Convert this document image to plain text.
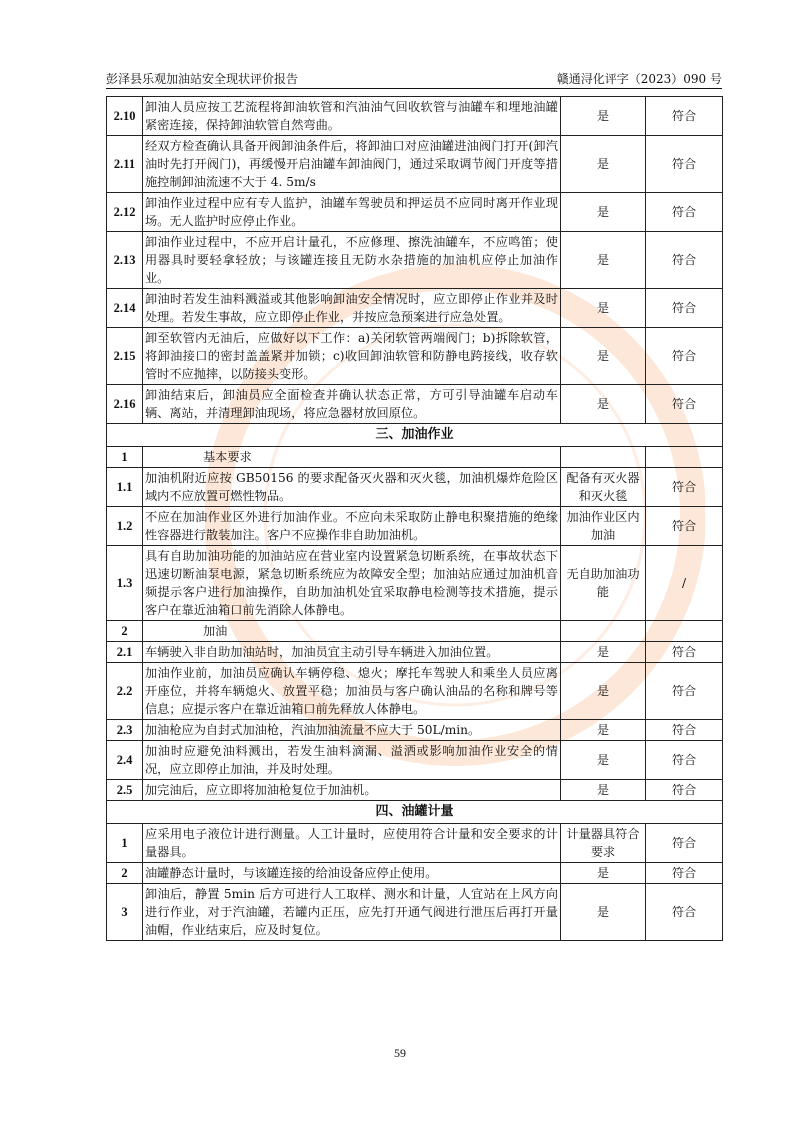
彭泽县乐观加油站安全现状评价报告	赣通浔化评字（2023）090 号
2.10	卸油人员应按工艺流程将卸油软管和汽油油气回收软管与油罐车和埋地油罐紧密连接，保持卸油软管自然弯曲。	是	符合
2.11	经双方检查确认具备开阀卸油条件后，将卸油口对应油罐进油阀门打开(卸汽油时先打开阀门)，再缓慢开启油罐车卸油阀门，通过采取调节阀门开度等措施控制卸油流速不大于 4. 5m/s	是	符合
2.12	卸油作业过程中应有专人监护，油罐车驾驶员和押运员不应同时离开作业现场。无人监护时应停止作业。	是	符合
2.13	卸油作业过程中，不应开启计量孔，不应修理、擦洗油罐车，不应鸣笛；使用器具时要轻拿轻放；与该罐连接且无防水杂措施的加油机应停止加油作业。	是	符合
2.14	卸油时若发生油料溅溢或其他影响卸油安全情况时，应立即停止作业并及时处理。若发生事故，应立即停止作业，并按应急预案进行应急处置。	是	符合
2.15	卸至软管内无油后，应做好以下工作：a)关闭软管两端阀门；b)拆除软管，将卸油接口的密封盖盖紧并加锁；c)收回卸油软管和防静电跨接线，收存软管时不应抛摔，以防接头变形。	是	符合
2.16	卸油结束后，卸油员应全面检查并确认状态正常，方可引导油罐车启动车辆、离站，并清理卸油现场，将应急器材放回原位。	是	符合
三、加油作业			
1	基本要求		
1.1	加油机附近应按 GB50156 的要求配备灭火器和灭火毯，加油机爆炸危险区域内不应放置可燃性物品。	配备有灭火器和灭火毯	符合
1.2	不应在加油作业区外进行加油作业。不应向未采取防止静电积聚措施的绝缘性容器进行散装加注。客户不应操作非自助加油机。	加油作业区内加油	符合
1.3	具有自助加油功能的加油站应在营业室内设置紧急切断系统，在事故状态下迅速切断油泵电源，紧急切断系统应为故障安全型；加油站应通过加油机音频提示客户进行加油操作，自助加油机处宜采取静电检测等技术措施，提示客户在靠近油箱口前先消除人体静电。	无自助加油功能	/
2	加油		
2.1	车辆驶入非自助加油站时，加油员宜主动引导车辆进入加油位置。	是	符合
2.2	加油作业前，加油员应确认车辆停稳、熄火；摩托车驾驶人和乘坐人员应离开座位，并将车辆熄火、放置平稳；加油员与客户确认油品的名称和牌号等信息；应提示客户在靠近油箱口前先释放人体静电。	是	符合
2.3	加油枪应为自封式加油枪，汽油加油流量不应大于 50L/min。	是	符合
2.4	加油时应避免油料溅出，若发生油料滴漏、溢洒或影响加油作业安全的情况，应立即停止加油，并及时处理。	是	符合
2.5	加完油后，应立即将加油枪复位于加油机。	是	符合
四、油罐计量			
1	应采用电子液位计进行测量。人工计量时，应使用符合计量和安全要求的计量器具。	计量器具符合要求	符合
2	油罐静态计量时，与该罐连接的给油设备应停止使用。	是	符合
3	卸油后，静置 5min 后方可进行人工取样、测水和计量，人宜站在上风方向进行作业，对于汽油罐，若罐内正压，应先打开通气阀进行泄压后再打开量油帽，作业结束后，应及时复位。	是	符合
59
